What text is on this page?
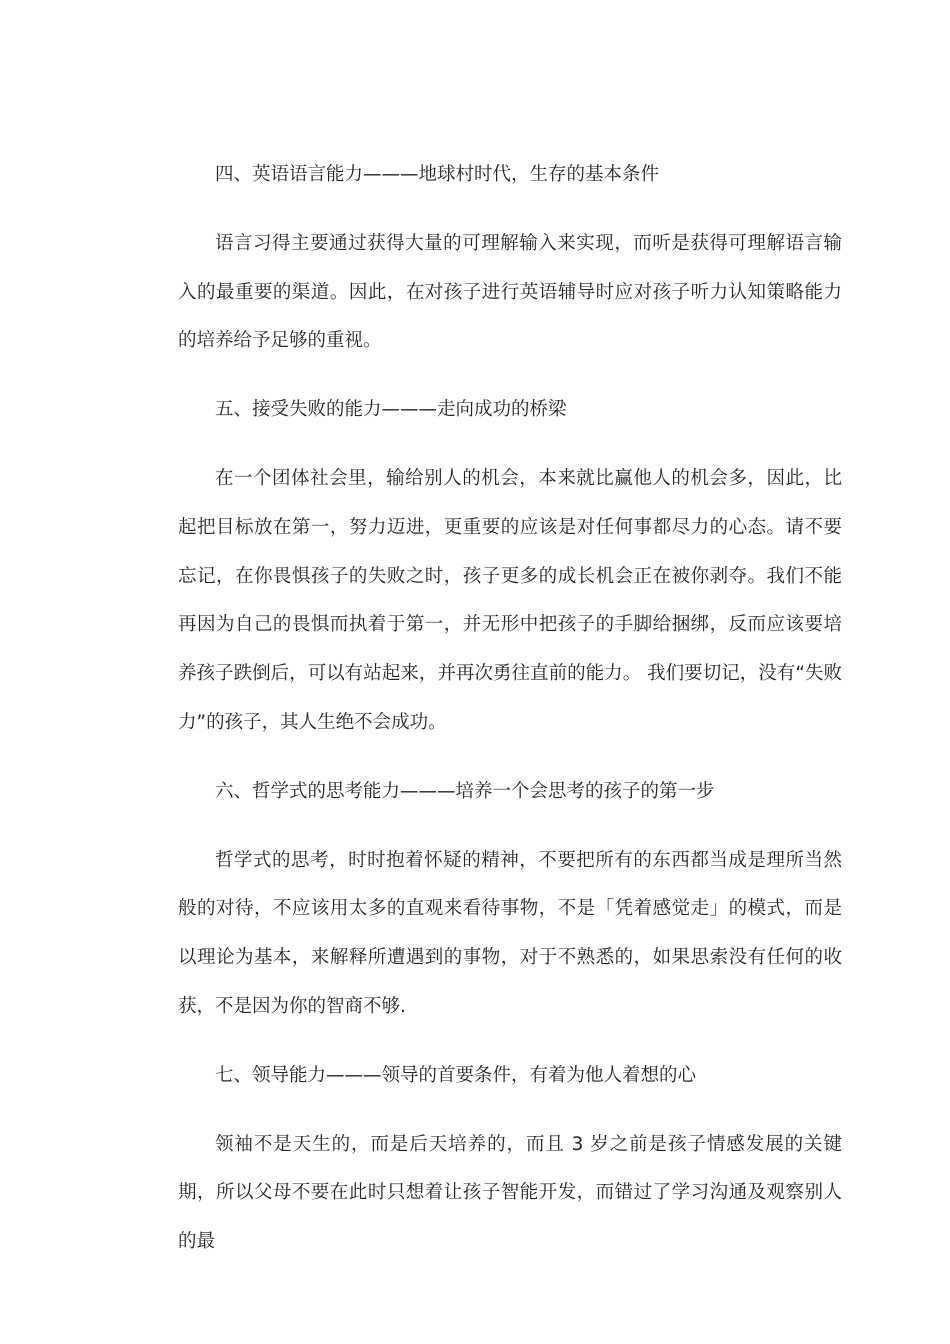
四、英语语言能力———地球村时代，生存的基本条件
语言习得主要通过获得大量的可理解输入来实现，而听是获得可理解语言输入的最重要的渠道。因此，在对孩子进行英语辅导时应对孩子听力认知策略能力的培养给予足够的重视。
五、接受失败的能力———走向成功的桥梁
在一个团体社会里，输给别人的机会，本来就比赢他人的机会多，因此，比起把目标放在第一，努力迈进，更重要的应该是对任何事都尽力的心态。请不要忘记，在你畏惧孩子的失败之时，孩子更多的成长机会正在被你剥夺。我们不能再因为自己的畏惧而执着于第一，并无形中把孩子的手脚给捆绑，反而应该要培养孩子跌倒后，可以有站起来，并再次勇往直前的能力。 我们要切记，没有“失败力”的孩子，其人生绝不会成功。
六、哲学式的思考能力———培养一个会思考的孩子的第一步
哲学式的思考，时时抱着怀疑的精神，不要把所有的东西都当成是理所当然般的对待，不应该用太多的直观来看待事物，不是「凭着感觉走」的模式，而是以理论为基本，来解释所遭遇到的事物，对于不熟悉的，如果思索没有任何的收获，不是因为你的智商不够.
七、领导能力———领导的首要条件，有着为他人着想的心
领袖不是天生的，而是后天培养的，而且 3 岁之前是孩子情感发展的关键期，所以父母不要在此时只想着让孩子智能开发，而错过了学习沟通及观察别人的最
